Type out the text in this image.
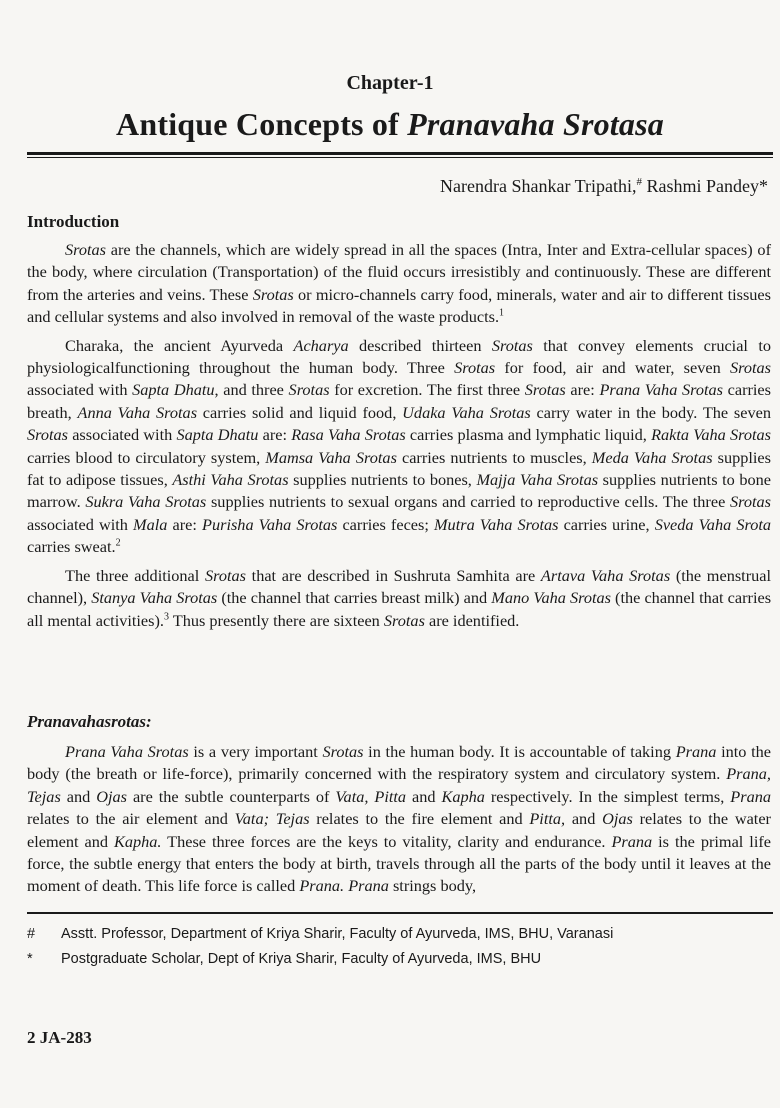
Chapter-1
Antique Concepts of Pranavaha Srotasa
Narendra Shankar Tripathi,# Rashmi Pandey*
Introduction

Srotas are the channels, which are widely spread in all the spaces (Intra, Inter and Extra-cellular spaces) of the body, where circulation (Transportation) of the fluid occurs irresistibly and continuously. These are different from the arteries and veins. These Srotas or micro-channels carry food, minerals, water and air to different tissues and cellular systems and also involved in removal of the waste products.$^1$

Charaka, the ancient Ayurveda Acharya described thirteen Srotas that convey elements crucial to physiologicalfunctioning throughout the human body. Three Srotas for food, air and water, seven Srotas associated with Sapta Dhatu, and three Srotas for excretion. The first three Srotas are: Prana Vaha Srotas carries breath, Anna Vaha Srotas carries solid and liquid food, Udaka Vaha Srotas carry water in the body. The seven Srotas associated with Sapta Dhatu are: Rasa Vaha Srotas carries plasma and lymphatic liquid, Rakta Vaha Srotas carries blood to circulatory system, Mamsa Vaha Srotas carries nutrients to muscles, Meda Vaha Srotas supplies fat to adipose tissues, Asthi Vaha Srotas supplies nutrients to bones, Majja Vaha Srotas supplies nutrients to bone marrow. Sukra Vaha Srotas supplies nutrients to sexual organs and carried to reproductive cells. The three Srotas associated with Mala are: Purisha Vaha Srotas carries feces; Mutra Vaha Srotas carries urine, Sveda Vaha Srota carries sweat.$^2$

The three additional Srotas that are described in Sushruta Samhita are Artava Vaha Srotas (the menstrual channel), Stanya Vaha Srotas (the channel that carries breast milk) and Mano Vaha Srotas (the channel that carries all mental activities).$^3$ Thus presently there are sixteen Srotas are identified.

Pranavahasrotas:

Prana Vaha Srotas is a very important Srotas in the human body. It is accountable of taking Prana into the body (the breath or life-force), primarily concerned with the respiratory system and circulatory system. Prana, Tejas and Ojas are the subtle counterparts of Vata, Pitta and Kapha respectively. In the simplest terms, Prana relates to the air element and Vata; Tejas relates to the fire element and Pitta, and Ojas relates to the water element and Kapha. These three forces are the keys to vitality, clarity and endurance. Prana is the primal life force, the subtle energy that enters the body at birth, travels through all the parts of the body until it leaves at the moment of death. This life force is called Prana. Prana strings body,

# Asstt. Professor, Department of Kriya Sharir, Faculty of Ayurveda, IMS, BHU, Varanasi
* Postgraduate Scholar, Dept of Kriya Sharir, Faculty of Ayurveda, IMS, BHU
2 JA-283
